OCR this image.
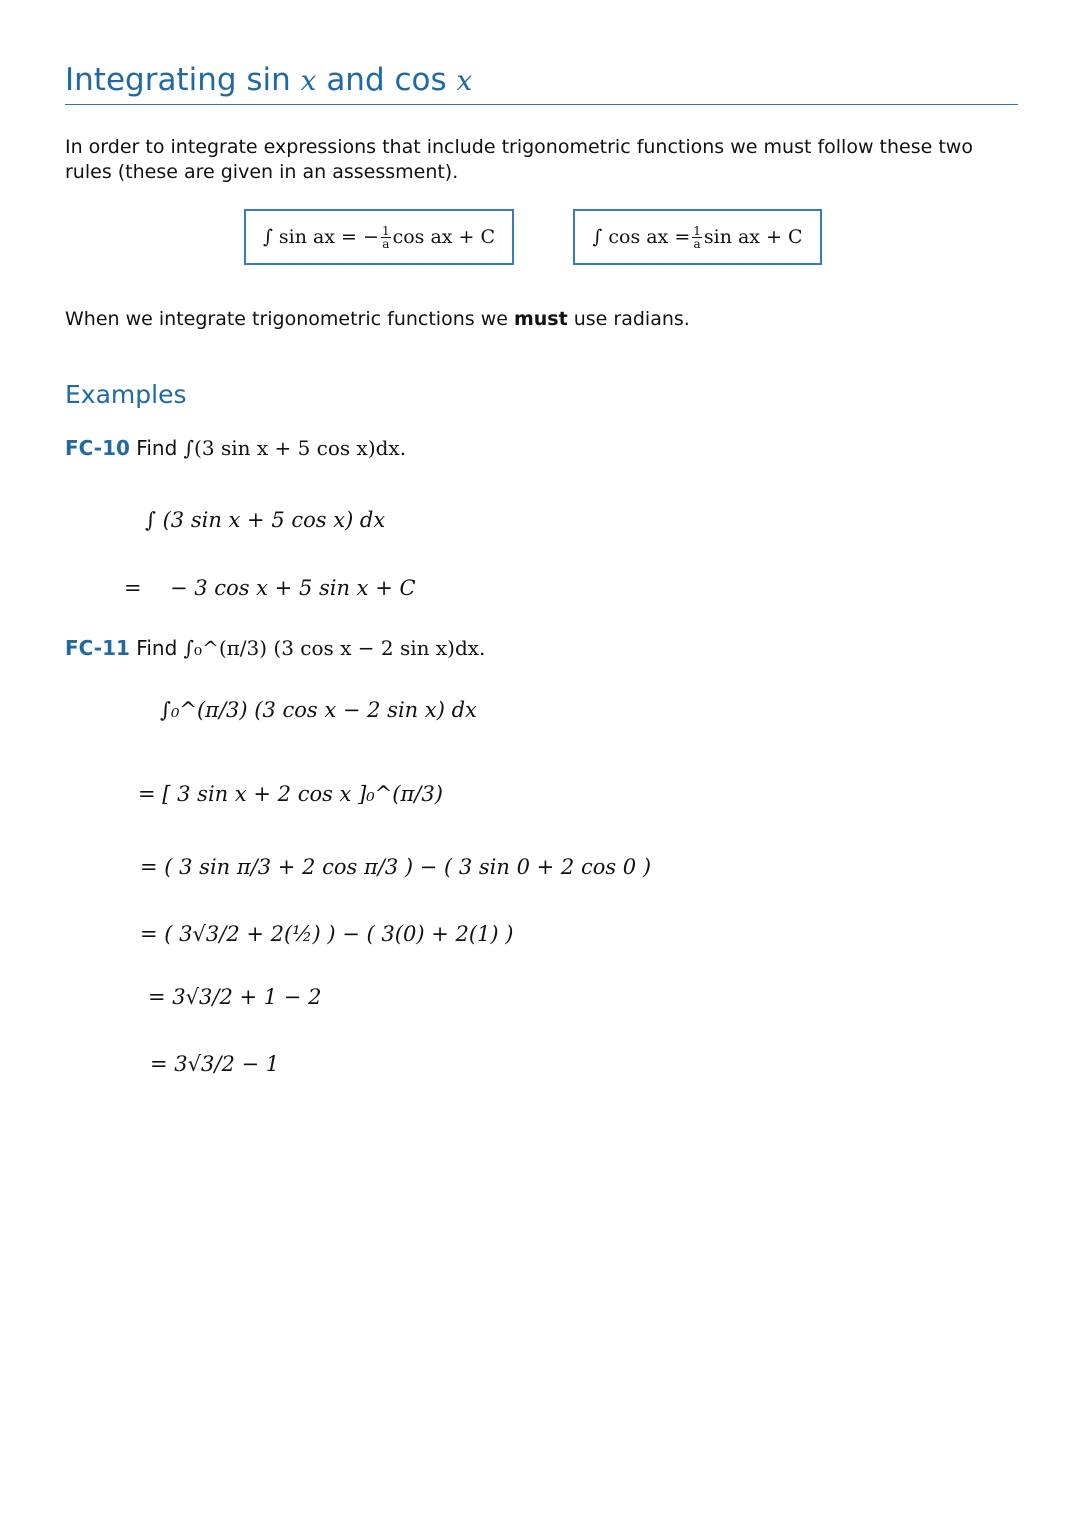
Integrating sin x and cos x
In order to integrate expressions that include trigonometric functions we must follow these two rules (these are given in an assessment).
∫ sin ax = − $\frac{1}{a}$ cos ax + C	∫ cos ax = $\frac{1}{a}$ sin ax + C
When we integrate trigonometric functions we must use radians.
Examples
FC-10 Find ∫(3 sin x + 5 cos x)dx.
∫ (3 sin x + 5 cos x) dx
= − 3 cos x + 5 sin x + C
FC-11 Find ∫₀^(π/3) (3 cos x − 2 sin x)dx.
∫₀^(π/3) (3 cos x − 2 sin x) dx
= [ 3 sin x + 2 cos x ]₀^(π/3)
= ( 3 sin π/3 + 2 cos π/3 ) − ( 3 sin 0 + 2 cos 0 )
= ( 3√3/2 + 2(½) ) − ( 3(0) + 2(1) )
= 3√3/2 + 1 − 2
= 3√3/2 − 1
